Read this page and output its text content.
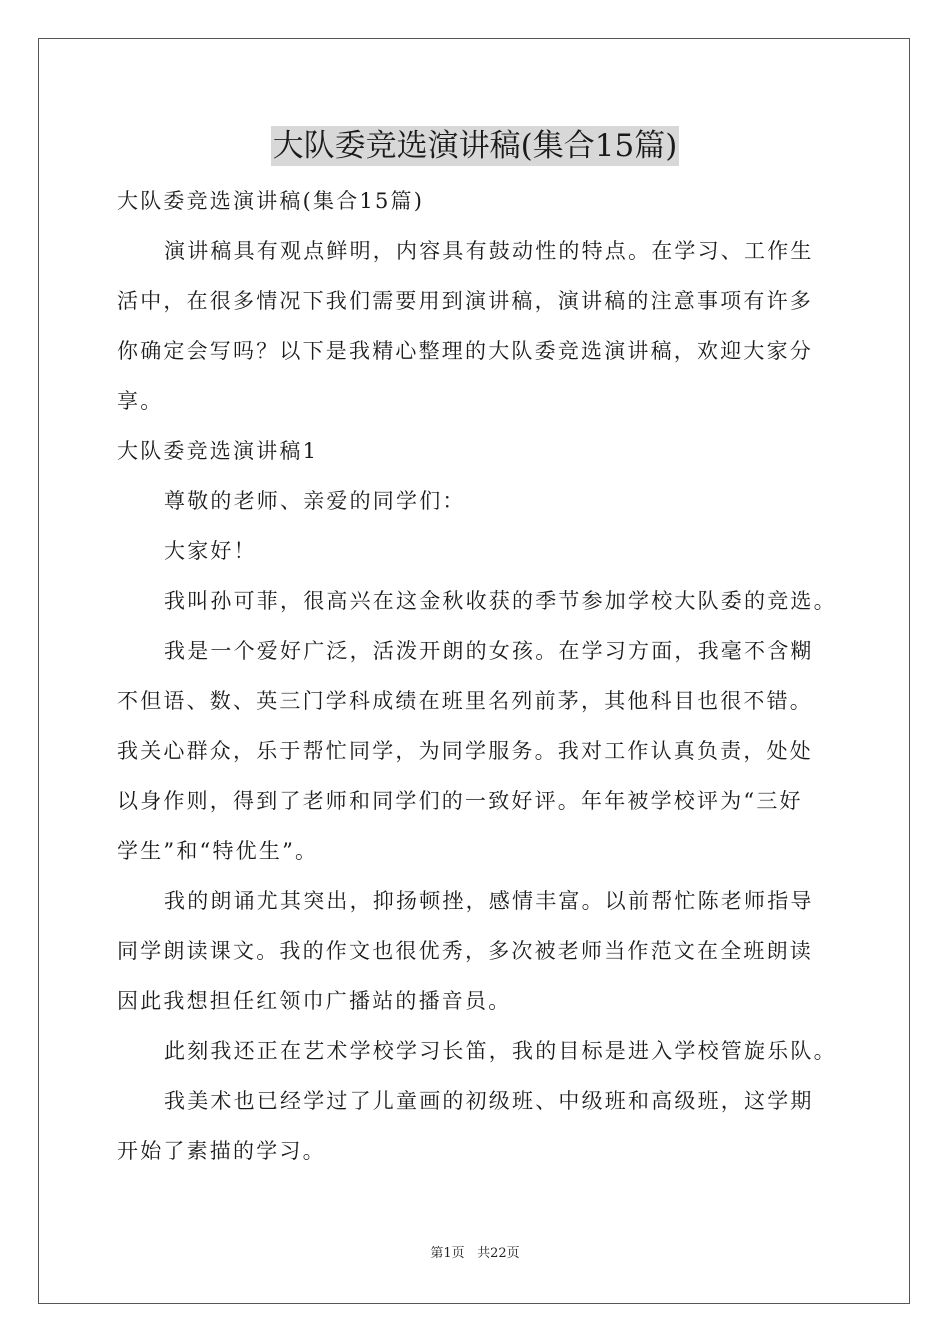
大队委竞选演讲稿(集合15篇)

大队委竞选演讲稿(集合15篇)

演讲稿具有观点鲜明，内容具有鼓动性的特点。在学习、工作生

活中，在很多情况下我们需要用到演讲稿，演讲稿的注意事项有许多

你确定会写吗？以下是我精心整理的大队委竞选演讲稿，欢迎大家分

享。

大队委竞选演讲稿1

尊敬的老师、亲爱的同学们：

大家好！

我叫孙可菲，很高兴在这金秋收获的季节参加学校大队委的竞选。

我是一个爱好广泛，活泼开朗的女孩。在学习方面，我毫不含糊

不但语、数、英三门学科成绩在班里名列前茅，其他科目也很不错。

我关心群众，乐于帮忙同学，为同学服务。我对工作认真负责，处处

以身作则，得到了老师和同学们的一致好评。年年被学校评为“三好

学生”和“特优生”。

我的朗诵尤其突出，抑扬顿挫，感情丰富。以前帮忙陈老师指导

同学朗读课文。我的作文也很优秀，多次被老师当作范文在全班朗读

因此我想担任红领巾广播站的播音员。

此刻我还正在艺术学校学习长笛，我的目标是进入学校管旋乐队。

我美术也已经学过了儿童画的初级班、中级班和高级班，这学期

开始了素描的学习。

第1页 共22页
